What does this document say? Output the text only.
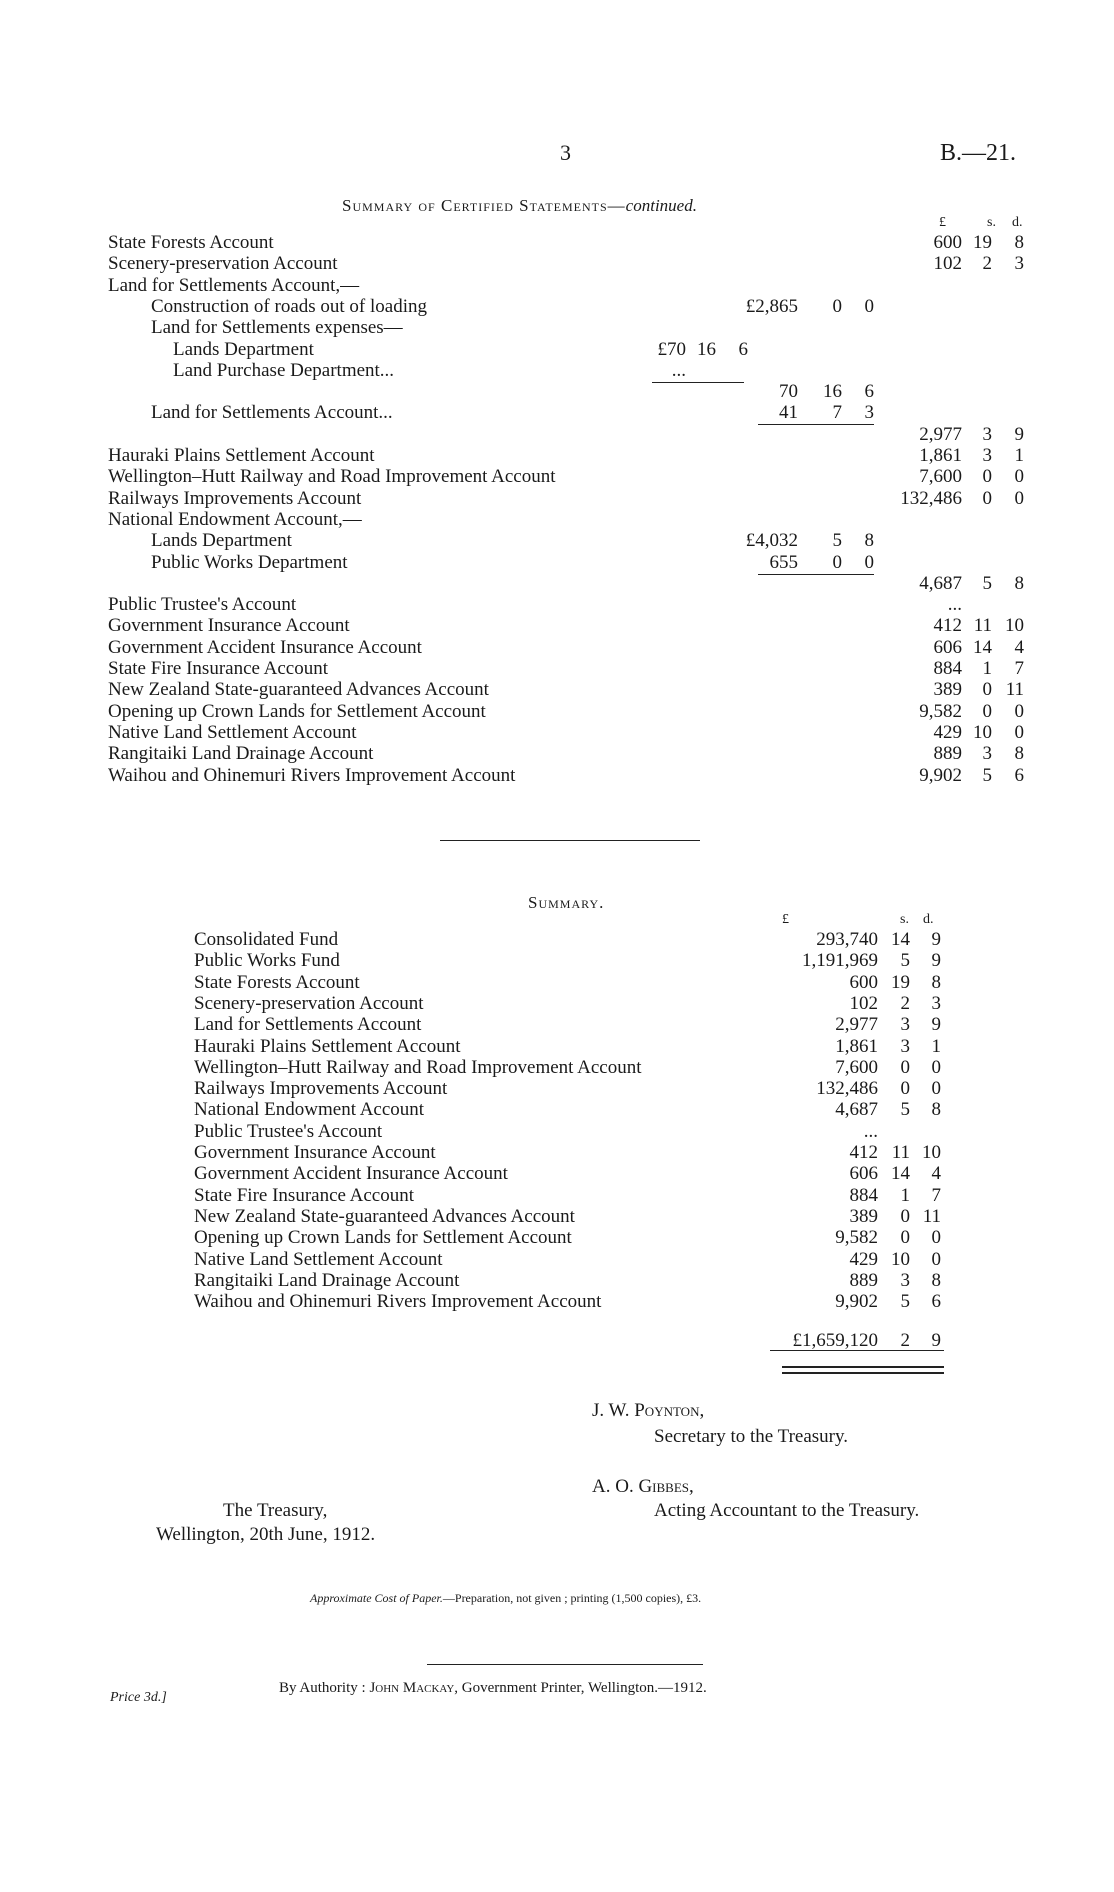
3	B.—21.
Summary of Certified Statements—continued.
£	s. d.
State Forests Account	600 19 8
Scenery-preservation Account	102 2 3
Land for Settlements Account,—
Construction of roads out of loading	£2,865 0 0
Land for Settlements expenses—
Lands Department	£70 16 6
Land Purchase Department...	...
70 16 6
Land for Settlements Account...	41 7 3
2,977 3 9
Hauraki Plains Settlement Account	1,861 3 1
Wellington–Hutt Railway and Road Improvement Account	7,600 0 0
Railways Improvements Account	132,486 0 0
National Endowment Account,—
Lands Department	£4,032 5 8
Public Works Department	655 0 0
4,687 5 8
Public Trustee's Account	...
Government Insurance Account	412 11 10
Government Accident Insurance Account	606 14 4
State Fire Insurance Account	884 1 7
New Zealand State-guaranteed Advances Account	389 0 11
Opening up Crown Lands for Settlement Account	9,582 0 0
Native Land Settlement Account	429 10 0
Rangitaiki Land Drainage Account	889 3 8
Waihou and Ohinemuri Rivers Improvement Account	9,902 5 6
Summary.
£	s. d.
Consolidated Fund	293,740 14 9
Public Works Fund	1,191,969 5 9
State Forests Account	600 19 8
Scenery-preservation Account	102 2 3
Land for Settlements Account	2,977 3 9
Hauraki Plains Settlement Account	1,861 3 1
Wellington–Hutt Railway and Road Improvement Account	7,600 0 0
Railways Improvements Account	132,486 0 0
National Endowment Account	4,687 5 8
Public Trustee's Account	...
Government Insurance Account	412 11 10
Government Accident Insurance Account	606 14 4
State Fire Insurance Account	884 1 7
New Zealand State-guaranteed Advances Account	389 0 11
Opening up Crown Lands for Settlement Account	9,582 0 0
Native Land Settlement Account	429 10 0
Rangitaiki Land Drainage Account	889 3 8
Waihou and Ohinemuri Rivers Improvement Account	9,902 5 6
£1,659,120 2 9
J. W. Poynton,
Secretary to the Treasury.
A. O. Gibbes,
Acting Accountant to the Treasury.
The Treasury,
Wellington, 20th June, 1912.
Approximate Cost of Paper.—Preparation, not given ; printing (1,500 copies), £3.
By Authority : John Mackay, Government Printer, Wellington.—1912.
Price 3d.]
